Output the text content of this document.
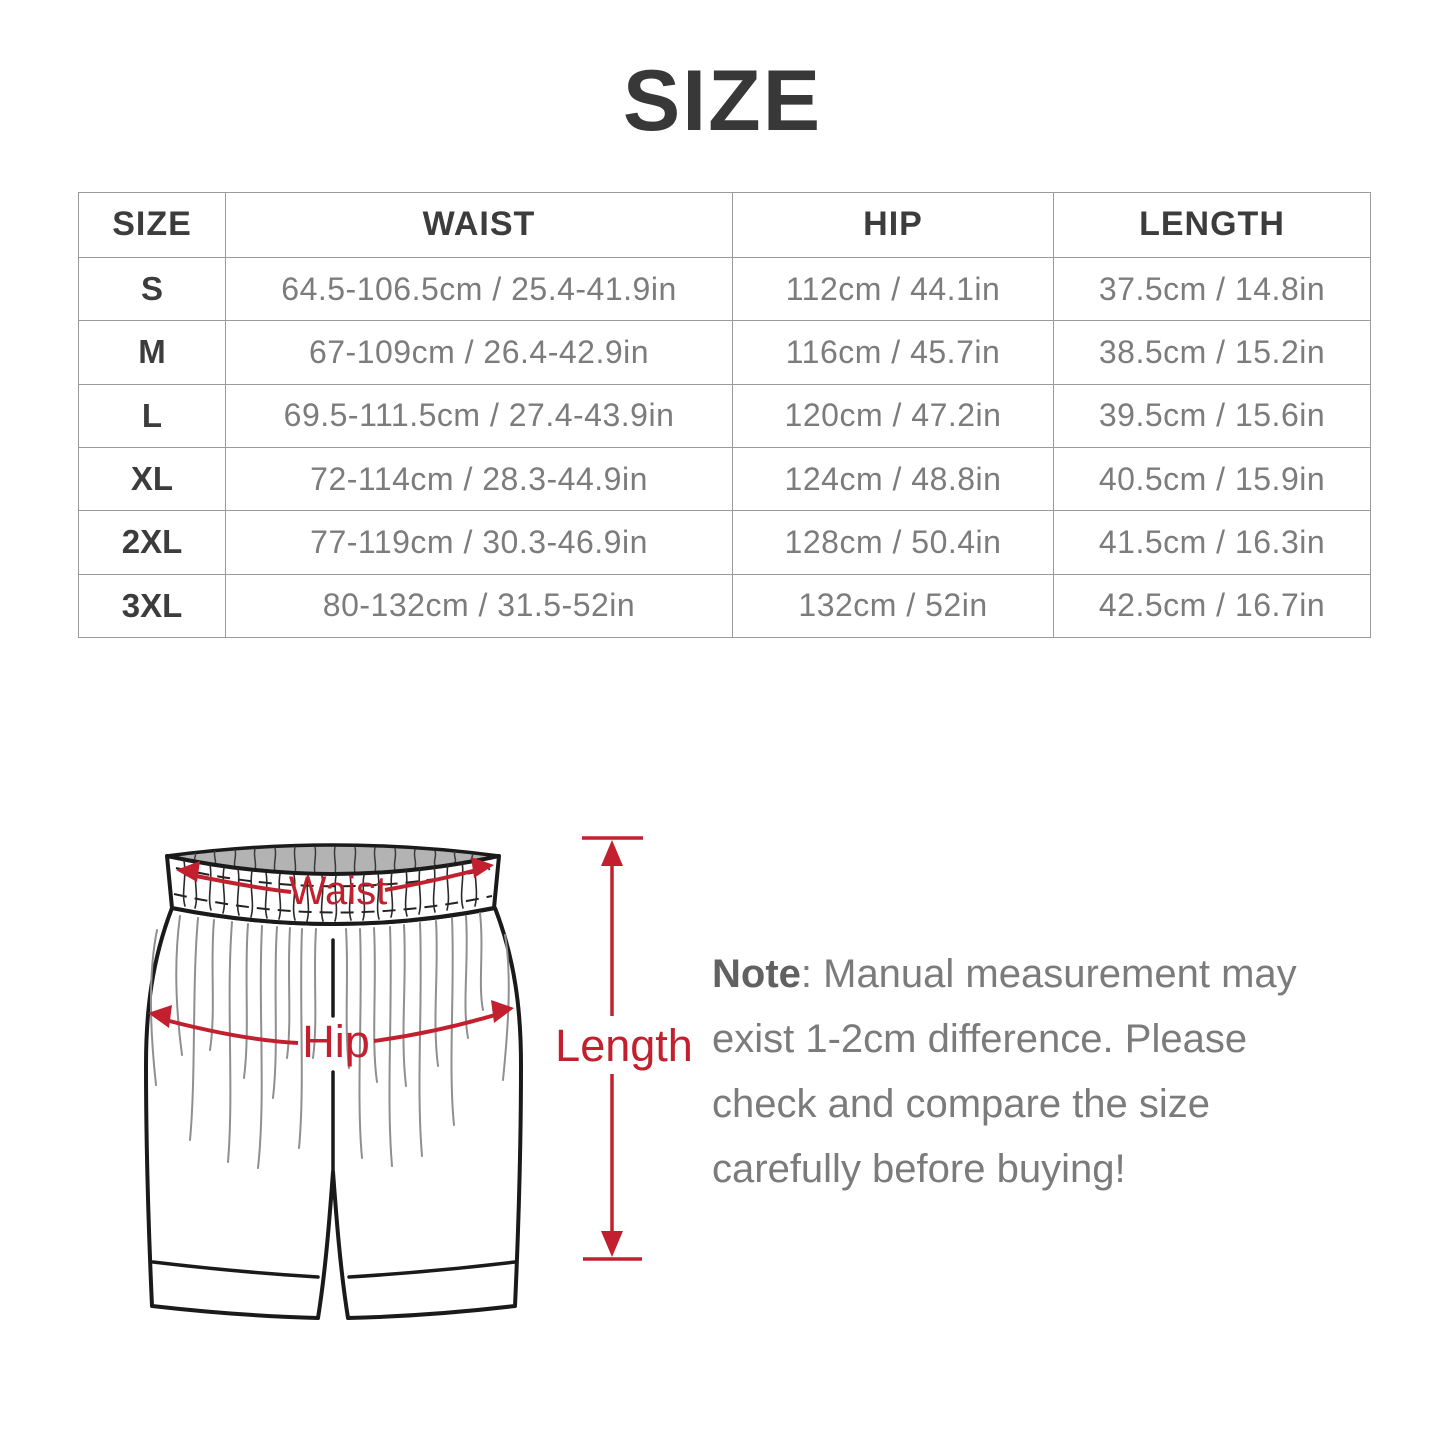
SIZE
SIZE	WAIST	HIP	LENGTH
S	64.5-106.5cm / 25.4-41.9in	112cm / 44.1in	37.5cm / 14.8in
M	67-109cm / 26.4-42.9in	116cm / 45.7in	38.5cm / 15.2in
L	69.5-111.5cm / 27.4-43.9in	120cm / 47.2in	39.5cm / 15.6in
XL	72-114cm / 28.3-44.9in	124cm / 48.8in	40.5cm / 15.9in
2XL	77-119cm / 30.3-46.9in	128cm / 50.4in	41.5cm / 16.3in
3XL	80-132cm / 31.5-52in	132cm / 52in	42.5cm / 16.7in
Waist
Hip	Length
Note: Manual measurement may
exist 1-2cm difference. Please
check and compare the size
carefully before buying!
